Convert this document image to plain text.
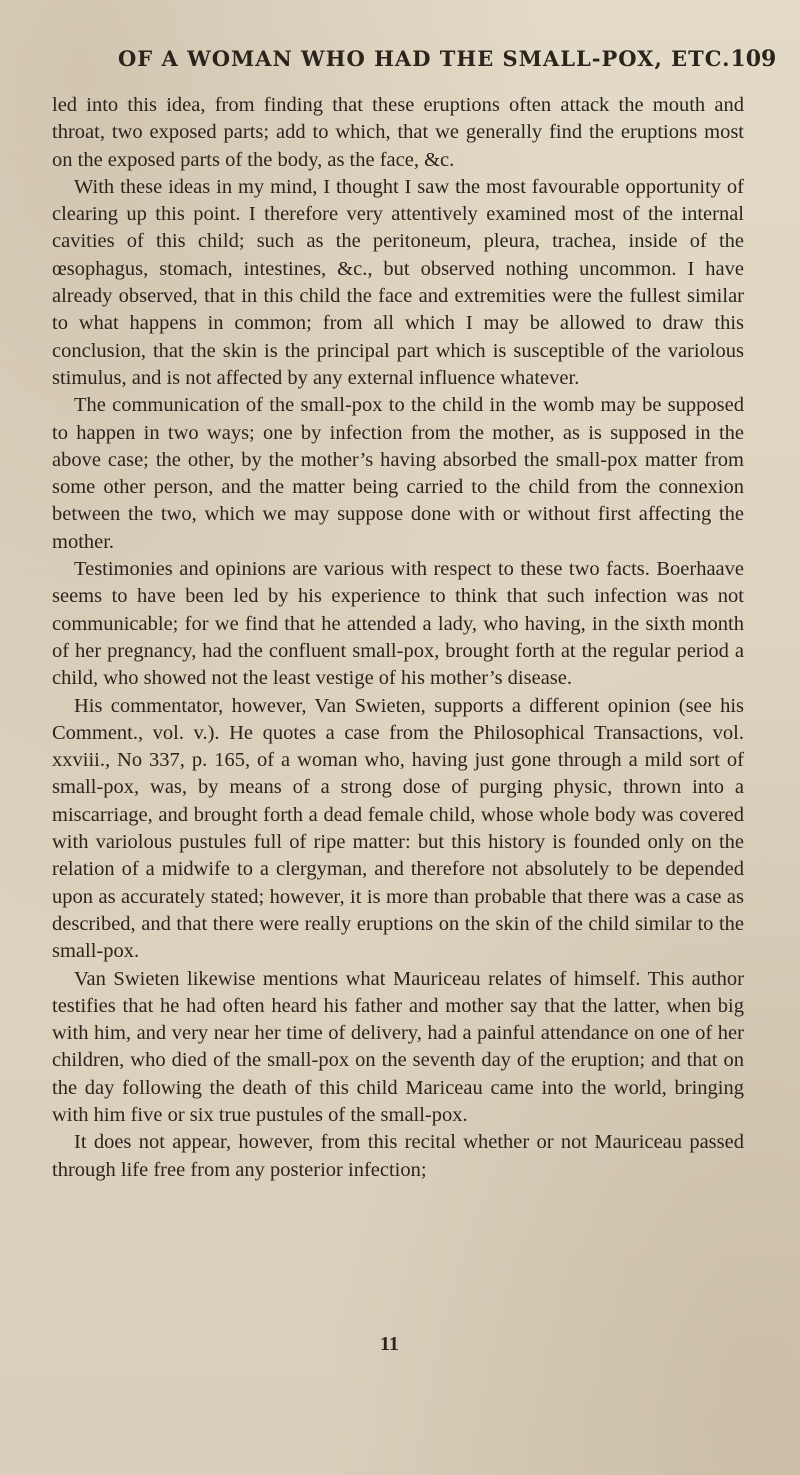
OF A WOMAN WHO HAD THE SMALL-POX, ETC. 109

led into this idea, from finding that these eruptions often attack the mouth and throat, two exposed parts; add to which, that we generally find the eruptions most on the exposed parts of the body, as the face, &c.

With these ideas in my mind, I thought I saw the most favourable opportunity of clearing up this point. I therefore very attentively examined most of the internal cavities of this child; such as the peritoneum, pleura, trachea, inside of the œsophagus, stomach, intestines, &c., but observed nothing uncommon. I have already observed, that in this child the face and extremities were the fullest similar to what happens in common; from all which I may be allowed to draw this conclusion, that the skin is the principal part which is susceptible of the variolous stimulus, and is not affected by any external influence whatever.

The communication of the small-pox to the child in the womb may be supposed to happen in two ways; one by infection from the mother, as is supposed in the above case; the other, by the mother’s having absorbed the small-pox matter from some other person, and the matter being carried to the child from the connexion between the two, which we may suppose done with or without first affecting the mother.

Testimonies and opinions are various with respect to these two facts. Boerhaave seems to have been led by his experience to think that such infection was not communicable; for we find that he attended a lady, who having, in the sixth month of her pregnancy, had the confluent small-pox, brought forth at the regular period a child, who showed not the least vestige of his mother’s disease.

His commentator, however, Van Swieten, supports a different opinion (see his Comment., vol. v.). He quotes a case from the Philosophical Transactions, vol. xxviii., No 337, p. 165, of a woman who, having just gone through a mild sort of small-pox, was, by means of a strong dose of purging physic, thrown into a miscarriage, and brought forth a dead female child, whose whole body was covered with variolous pustules full of ripe matter: but this history is founded only on the relation of a midwife to a clergyman, and therefore not absolutely to be depended upon as accurately stated; however, it is more than probable that there was a case as described, and that there were really eruptions on the skin of the child similar to the small-pox.

Van Swieten likewise mentions what Mauriceau relates of himself. This author testifies that he had often heard his father and mother say that the latter, when big with him, and very near her time of delivery, had a painful attendance on one of her children, who died of the small-pox on the seventh day of the eruption; and that on the day following the death of this child Mariceau came into the world, bringing with him five or six true pustules of the small-pox.

It does not appear, however, from this recital whether or not Mauriceau passed through life free from any posterior infection;

11
